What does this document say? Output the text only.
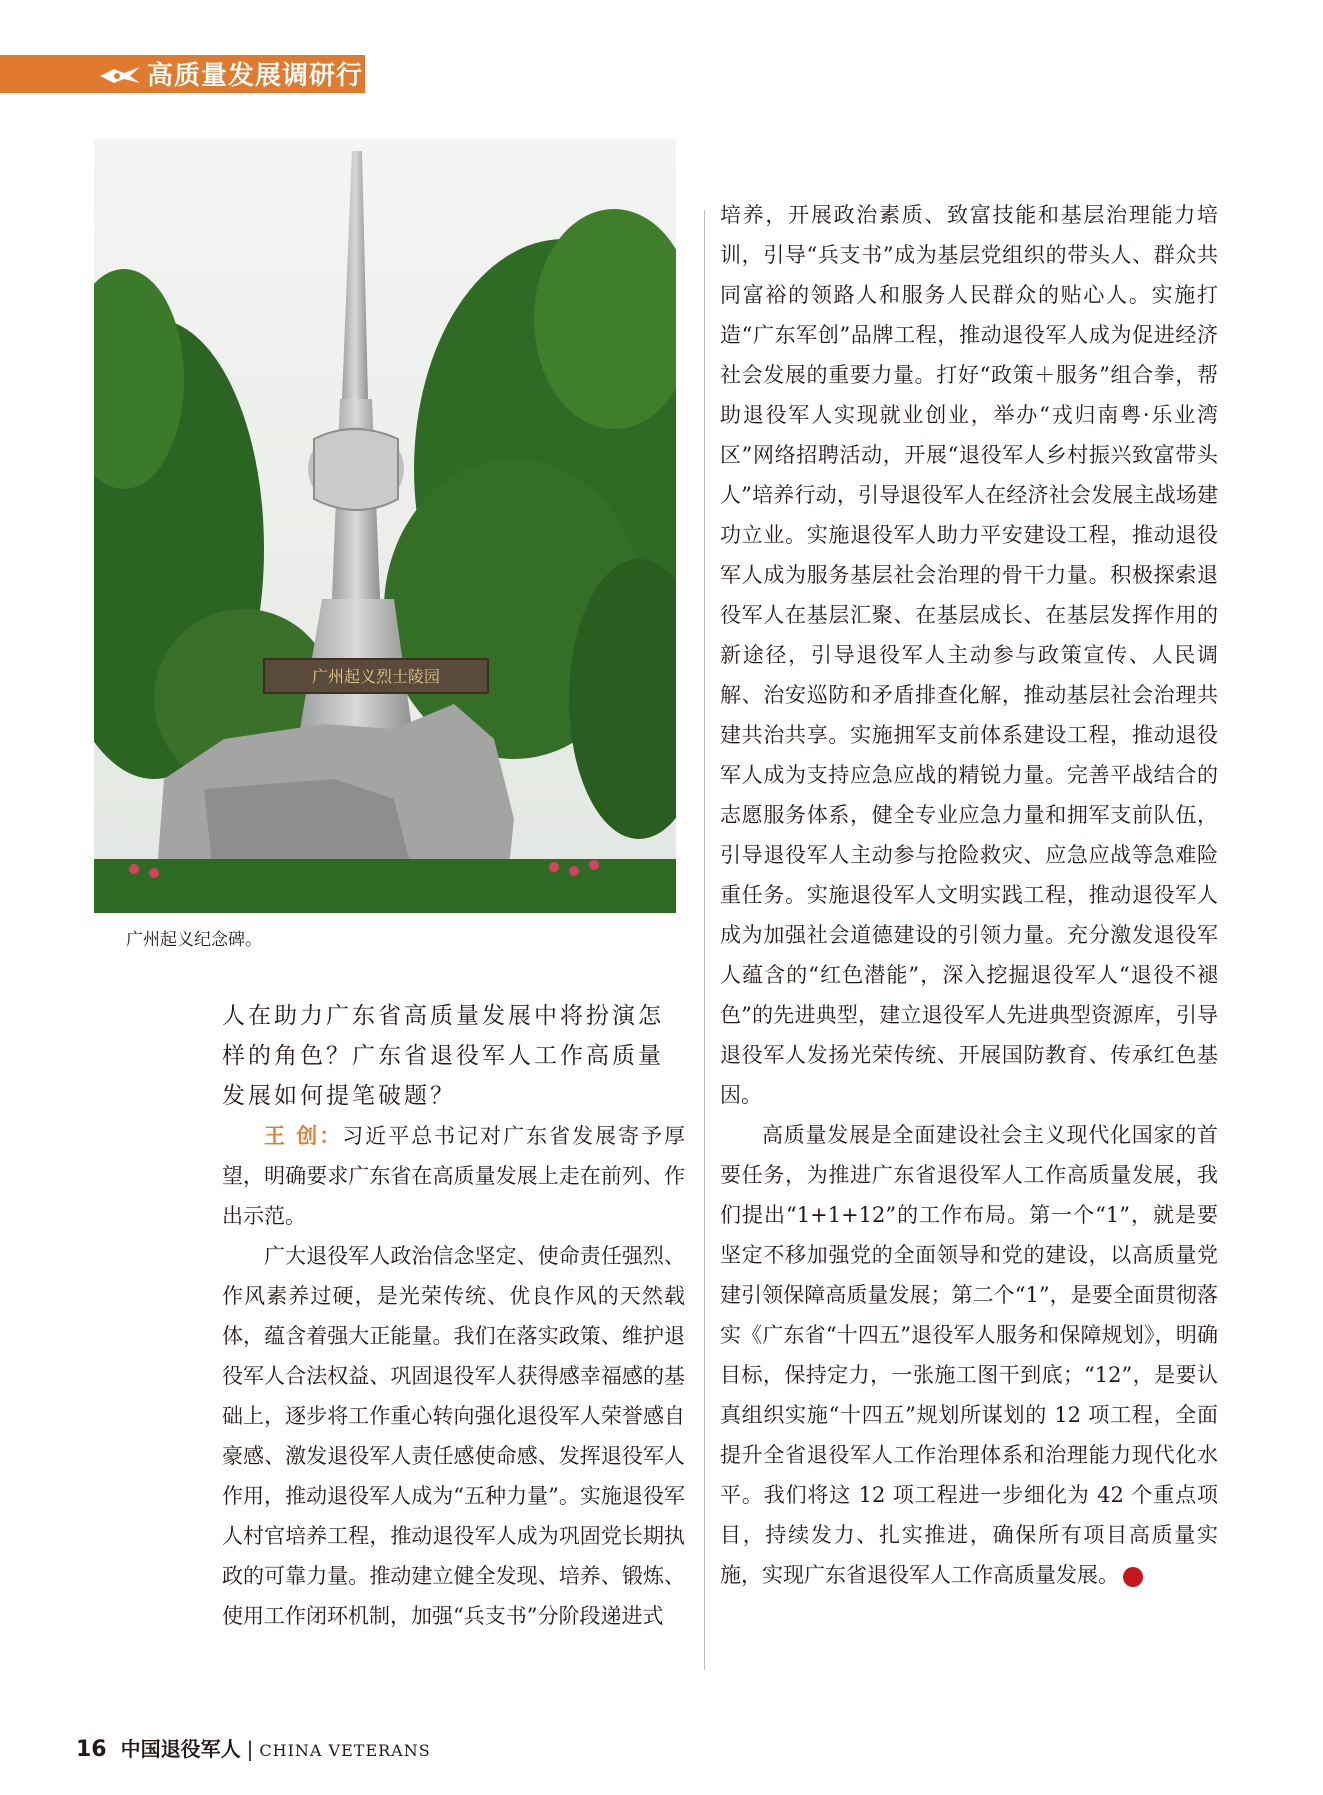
高质量发展调研行
广州起义烈士陵园
广州起义纪念碑。

人在助力广东省高质量发展中将扮演怎样的角色？广东省退役军人工作高质量发展如何提笔破题？

王 创：习近平总书记对广东省发展寄予厚望，明确要求广东省在高质量发展上走在前列、作出示范。

广大退役军人政治信念坚定、使命责任强烈、作风素养过硬，是光荣传统、优良作风的天然载体，蕴含着强大正能量。我们在落实政策、维护退役军人合法权益、巩固退役军人获得感幸福感的基础上，逐步将工作重心转向强化退役军人荣誉感自豪感、激发退役军人责任感使命感、发挥退役军人作用，推动退役军人成为“五种力量”。实施退役军人村官培养工程，推动退役军人成为巩固党长期执政的可靠力量。推动建立健全发现、培养、锻炼、使用工作闭环机制，加强“兵支书”分阶段递进式

培养，开展政治素质、致富技能和基层治理能力培训，引导“兵支书”成为基层党组织的带头人、群众共同富裕的领路人和服务人民群众的贴心人。实施打造“广东军创”品牌工程，推动退役军人成为促进经济社会发展的重要力量。打好“政策＋服务”组合拳，帮助退役军人实现就业创业，举办“戎归南粤·乐业湾区”网络招聘活动，开展“退役军人乡村振兴致富带头人”培养行动，引导退役军人在经济社会发展主战场建功立业。实施退役军人助力平安建设工程，推动退役军人成为服务基层社会治理的骨干力量。积极探索退役军人在基层汇聚、在基层成长、在基层发挥作用的新途径，引导退役军人主动参与政策宣传、人民调解、治安巡防和矛盾排查化解，推动基层社会治理共建共治共享。实施拥军支前体系建设工程，推动退役军人成为支持应急应战的精锐力量。完善平战结合的志愿服务体系，健全专业应急力量和拥军支前队伍，引导退役军人主动参与抢险救灾、应急应战等急难险重任务。实施退役军人文明实践工程，推动退役军人成为加强社会道德建设的引领力量。充分激发退役军人蕴含的“红色潜能”，深入挖掘退役军人“退役不褪色”的先进典型，建立退役军人先进典型资源库，引导退役军人发扬光荣传统、开展国防教育、传承红色基因。

高质量发展是全面建设社会主义现代化国家的首要任务，为推进广东省退役军人工作高质量发展，我们提出“1+1+12”的工作布局。第一个“1”，就是要坚定不移加强党的全面领导和党的建设，以高质量党建引领保障高质量发展；第二个“1”，是要全面贯彻落实《广东省“十四五”退役军人服务和保障规划》，明确目标，保持定力，一张施工图干到底；“12”，是要认真组织实施“十四五”规划所谋划的 12 项工程，全面提升全省退役军人工作治理体系和治理能力现代化水平。我们将这 12 项工程进一步细化为 42 个重点项目，持续发力、扎实推进，确保所有项目高质量实施，实现广东省退役军人工作高质量发展。	V

16 中国退役军人 | CHINA VETERANS
